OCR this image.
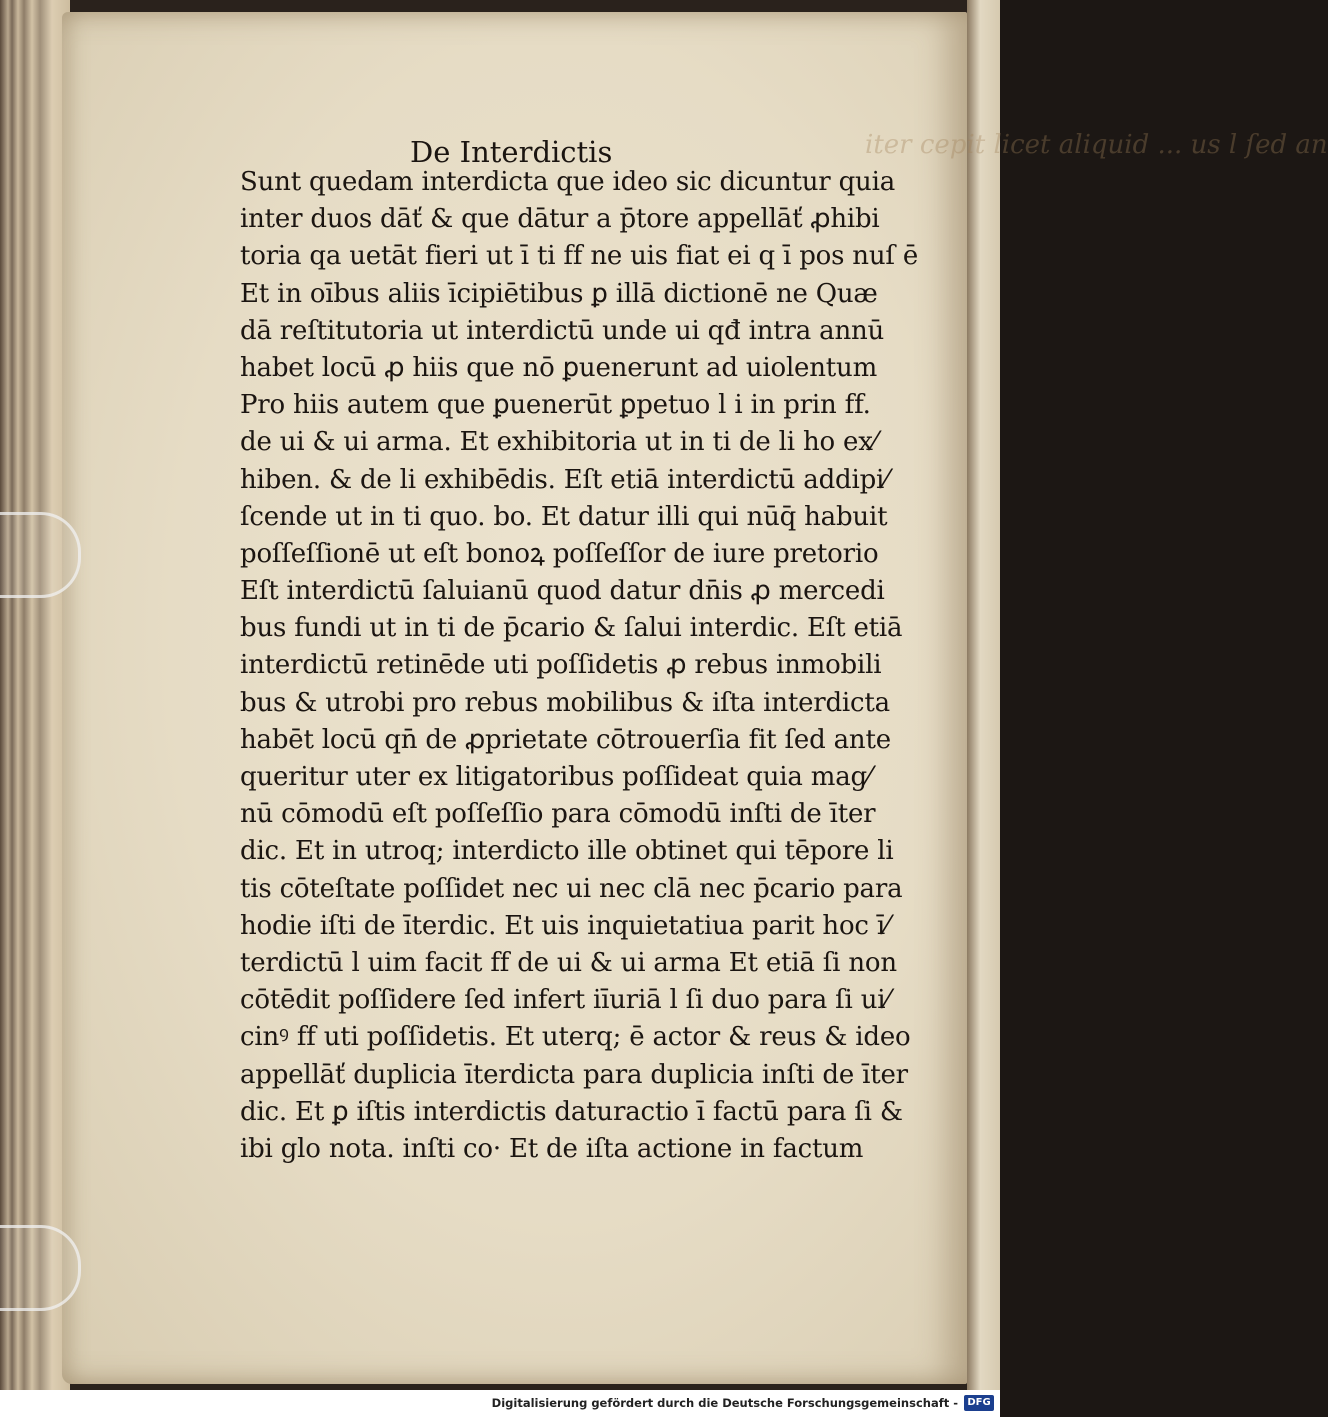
iter cepit licet aliquid ... us l ſed an
De Interdictis
Sunt quedam interdicta que ideo sic dicuntur quia
inter duos dāť & que dātur a p̄tore appellāť ꝓhibi
toria qa uetāt fieri ut ī ti ff ne uis fiat ei q ī pos nuſ ē
Et in oībus aliis īcipiētibus ꝑ illā dictionē ne Quæ
dā reſtitutoria ut interdictū unde ui qđ intra annū
habet locū ꝓ hiis que nō ꝑuenerunt ad uiolentum
Pro hiis autem que ꝑuenerūt ꝑpetuo l i in prin ff.
de ui & ui arma. Et exhibitoria ut in ti de li ho ex⁄
hiben. & de li exhibēdis. Eſt etiā interdictū addipi⁄
ſcende ut in ti quo. bo. Et datur illi qui nūq̄ habuit
poſſeſſionē ut eſt bonoꝝ poſſeſſor de iure pretorio
Eſt interdictū ſaluianū quod datur dn̄is ꝓ mercedi
bus fundi ut in ti de p̄cario & ſalui interdic. Eſt etiā
interdictū retinēde uti poſſidetis ꝓ rebus inmobili
bus & utrobi pro rebus mobilibus & iſta interdicta
habēt locū qn̄ de ꝓprietate cōtrouerſia fit ſed ante
queritur uter ex litigatoribus poſſideat quia mag⁄
nū cōmodū eſt poſſeſſio para cōmodū inſti de īter
dic. Et in utroq; interdicto ille obtinet qui tēpore li
tis cōteſtate poſſidet nec ui nec clā nec p̄cario para
hodie iſti de īterdic. Et uis inquietatiua parit hoc ī⁄
terdictū l uim facit ff de ui & ui arma Et etiā ſi non
cōtēdit poſſidere ſed infert iīuriā l ſi duo para ſi ui⁄
cinꝰ ff uti poſſidetis. Et uterq; ē actor & reus & ideo
appellāť duplicia īterdicta para duplicia inſti de īter
dic. Et ꝑ iſtis interdictis daturactio ī factū para ſi &
ibi glo nota. inſti co· Et de iſta actione in factum
Digitalisierung gefördert durch die Deutsche Forschungsgemeinschaft - DFG
